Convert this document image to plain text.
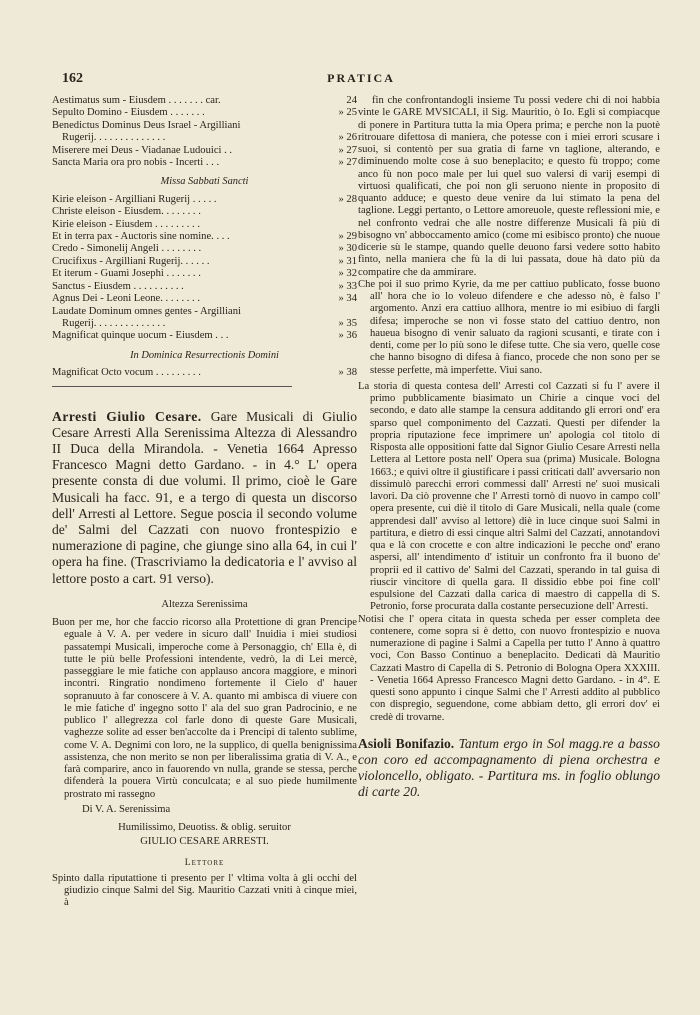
162	PRATICA
Aestimatus sum - Eiusdem . . . . . . . car.	24
Sepulto Domino - Eiusdem . . . . . . .	» 25
Benedictus Dominus Deus Israel - Argilliani
Rugerij. . . . . . . . . . . . . .	» 26
Miserere mei Deus - Viadanae Ludouici . .	» 27
Sancta Maria ora pro nobis - Incerti . . .	» 27
Missa Sabbati Sancti
Kirie eleison - Argilliani Rugerij . . . . .	» 28
Christe eleison - Eiusdem. . . . . . . .
Kirie eleison - Eiusdem . . . . . . . . .
Et in terra pax - Auctoris sine nomine. . . .	» 29
Credo - Simonelij Angeli . . . . . . . .	» 30
Crucifixus - Argilliani Rugerij. . . . . .	» 31
Et iterum - Guamì Josephi . . . . . . .	» 32
Sanctus - Eiusdem . . . . . . . . . .	» 33
Agnus Dei - Leoni Leone. . . . . . . .	» 34
Laudate Dominum omnes gentes - Argilliani
Rugerij. . . . . . . . . . . . . .	» 35
Magnificat quinque uocum - Eiusdem . . .	» 36
In Dominica Resurrectionis Domini
Magnificat Octo vocum . . . . . . . . .	» 38
Arresti Giulio Cesare. Gare Musicali di Giulio Cesare Arresti Alla Serenissima Altezza di Alessandro II Duca della Mirandola. - Venetia 1664 Apresso Francesco Magni detto Gardano. - in 4.° L' opera presente consta di due volumi. Il primo, cioè le Gare Musicali ha facc. 91, e a tergo di questa un discorso dell' Arresti al Lettore. Segue poscia il secondo volume de' Salmi del Cazzati con nuovo frontespizio e numerazione di pagine, che giunge sino alla 64, in cui l' opera ha fine. (Trascriviamo la dedicatoria e l' avviso al lettore posto a cart. 91 verso).

Altezza Serenissima

Buon per me, hor che faccio ricorso alla Protettione di gran Prencipe eguale à V. A. per vedere in sicuro dall' Inuidia i miei studiosi passatempi Musicali, imperoche come à Personaggio, ch' Ella è, di tutte le più belle Professioni intendente, vedrò, la di Lei mercè, passeggiare le mie fatiche con applauso ancora maggiore, e minori incontri. Ringratio nondimeno fortemente il Cielo d' hauer sopranuuto à far conoscere à V. A. quanto mi ambisca di viuere con le mie fatiche d' ingegno sotto l' ala del suo gran Padrocinio, e ne publico l' allegrezza col farle dono di queste Gare Musicali, vaghezze solite ad esser ben'accolte da i Prencipi di talento sublime, come V. A. Degnimi con loro, ne la supplico, di quella benignissima assistenza, che non merito se non per liberalissima gratia di V. A., e farà comparire, anco in fauorendo vn nulla, grande se stessa, perche difenderà la pouera Virtù conculcata; e al suo piede humilmente prostrato mi rassegno

Di V. A. Serenissima

Humilissimo, Deuotiss. & oblig. seruitor

GIULIO CESARE ARRESTI.

Lettore

Spinto dalla riputattione ti presento per l' vltima volta à gli occhi del giudizio cinque Salmi del Sig. Mauritio Cazzati vniti à cinque miei, à

fin che confrontandogli insieme Tu possi vedere chi di noi habbia vinte le GARE MVSICALI, il Sig. Mauritio, ò Io. Egli si compiacque di ponere in Partitura tutta la mia Opera prima; e perche non la puotè ritrouare difettosa di maniera, che potesse con i miei errori scusare i suoi, si contentò per sua gratia di farne vn taglione, alterando, e diminuendo molte cose à suo beneplacito; e questo fù troppo; come anco fù non poco male per lui quel suo valersi di varij esempi di virtuosi qualificati, che poi non gli seruono niente in proposito di quanto adduce; e questo deue venire da lui stimato la pena del taglione. Leggi pertanto, o Lettore amoreuole, queste reflessioni mie, e nel confronto vedrai che alle nostre differenze Musicali fà più di bisogno vn' abboccamento amico (come mi esibisco pronto) che nuoue dicerie sù le stampe, quando quelle deuono farsi vedere sotto habito finto, nella maniera che fù la di lui passata, doue hà dato più da compatire che da ammirare.

Che poi il suo primo Kyrie, da me per cattiuo publicato, fosse buono all' hora che io lo voleuo difendere e che adesso nò, è falso l' argomento. Anzi era cattiuo allhora, mentre io mi esibiuo di fargli difesa; imperoche se non vi fosse stato del cattiuo dentro, non haueua bisogno di venir saluato da ragioni scusanti, e tirate con i denti, come per lo più sono le difese tutte. Che sia vero, quelle cose che hanno bisogno di difesa à fianco, procede che non sono per se stesse perfette, mà imperfette. Viui sano.

La storia di questa contesa dell' Arresti col Cazzati si fu l' avere il primo pubblicamente biasimato un Chirie a cinque voci del secondo, e dato alle stampe la censura additando gli errori ond' era sparso quel componimento del Cazzati. Questi per difender la propria riputazione fece imprimere un' apologia col titolo di Risposta alle oppositioni fatte dal Signor Giulio Cesare Arresti nella Lettera al Lettore posta nell' Opera sua (prima) Musicale. Bologna 1663.; e quivi oltre il giustificare i passi criticati dall' avversario non dissimulò parecchi errori commessi dall' Arresti ne' suoi musicali lavori. Da ciò provenne che l' Arresti tornò di nuovo in campo coll' opera presente, cui diè il titolo di Gare Musicali, nella quale (come apprendesi dall' avviso al lettore) diè in luce cinque suoi Salmi in partitura, e dietro di essi cinque altri Salmi del Cazzati, annotandovi qua e là con crocette e con altre indicazioni le pecche ond' erano aspersi, all' intendimento d' istituir un confronto fra il buono de' proprii ed il cattivo de' Salmi del Cazzati, sperando in tal guisa di riuscir vincitore di quella gara. Il dissidio ebbe poi fine coll' espulsione del Cazzati dalla carica di maestro di cappella di S. Petronio, forse procurata dalla costante persecuzione dell' Arresti.

Notisi che l' opera citata in questa scheda per esser completa dee contenere, come sopra si è detto, con nuovo frontespizio e nuova numerazione di pagine i Salmi a Capella per tutto l' Anno à quattro voci, Con Basso Continuo a beneplacito. Dedicati dà Mauritio Cazzati Mastro di Capella di S. Petronio di Bologna Opera XXXIII. - Venetia 1664 Apresso Francesco Magni detto Gardano. - in 4°. E questi sono appunto i cinque Salmi che l' Arresti addito al pubblico con dispregio, seguendone, come abbiam detto, gli errori dov' ei credè di trovarne.

Asioli Bonifazio. Tantum ergo in Sol magg.re a basso con coro ed accompagnamento di piena orchestra e violoncello, obligato. - Partitura ms. in foglio oblungo di carte 20.
